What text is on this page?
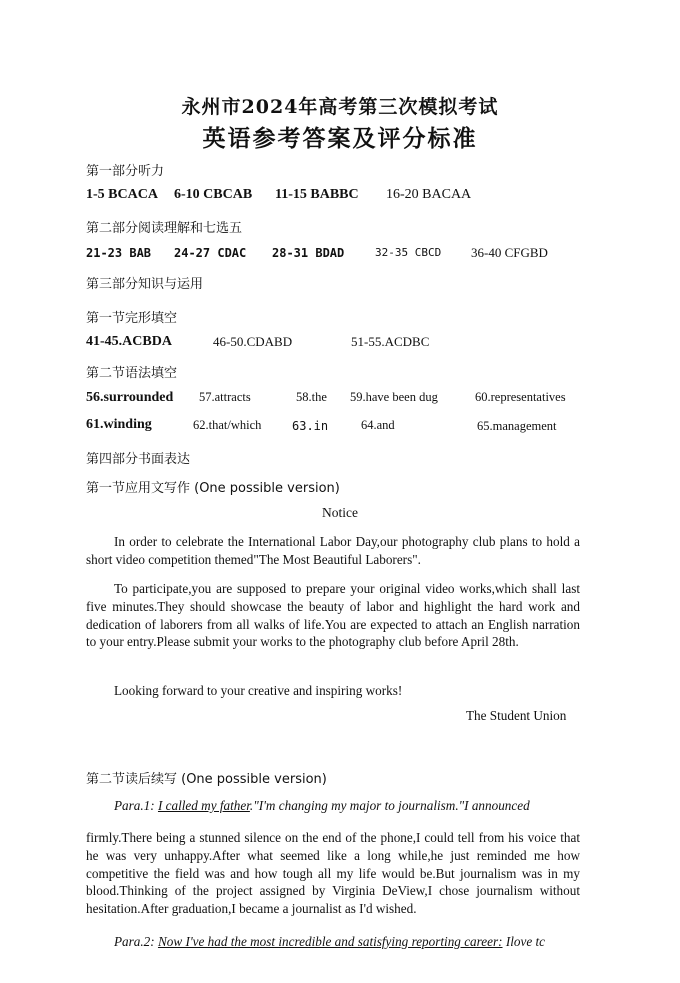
永州市2024年高考第三次模拟考试
英语参考答案及评分标准
第一部分听力
1-5 BCACA 6-10 CBCAB 11-15 BABBC 16-20 BACAA
第二部分阅读理解和七选五
21-23 BAB 24-27 CDAC 28-31 BDAD	32-35 CBCD 36-40 CFGBD
第三部分知识与运用
第一节完形填空
41-45.ACBDA	46-50.CDABD	51-55.ACDBC
第二节语法填空
56.surrounded 57.attracts	58.the 59.have been dug	60.representatives
61.winding	62.that/which	63.in	64.and	65.management
第四部分书面表达
第一节应用文写作 (One possible version)
Notice

In order to celebrate the International Labor Day,our photography club plans to hold a short video competition themed"The Most Beautiful Laborers".

To participate,you are supposed to prepare your original video works,which shall last five minutes.They should showcase the beauty of labor and highlight the hard work and dedication of laborers from all walks of life.You are expected to attach an English narration to your entry.Please submit your works to the photography club before April 28th.

Looking forward to your creative and inspiring works!

The Student Union
第二节读后续写 (One possible version)
Para.1: I called my father."I'm changing my major to journalism."I announced

firmly.There being a stunned silence on the end of the phone,I could tell from his voice that he was very unhappy.After what seemed like a long while,he just reminded me how competitive the field was and how tough all my life would be.But journalism was in my blood.Thinking of the project assigned by Virginia DeView,I chose journalism without hesitation.After graduation,I became a journalist as I'd wished.

Para.2: Now I've had the most incredible and satisfying reporting career: Ilove tc
